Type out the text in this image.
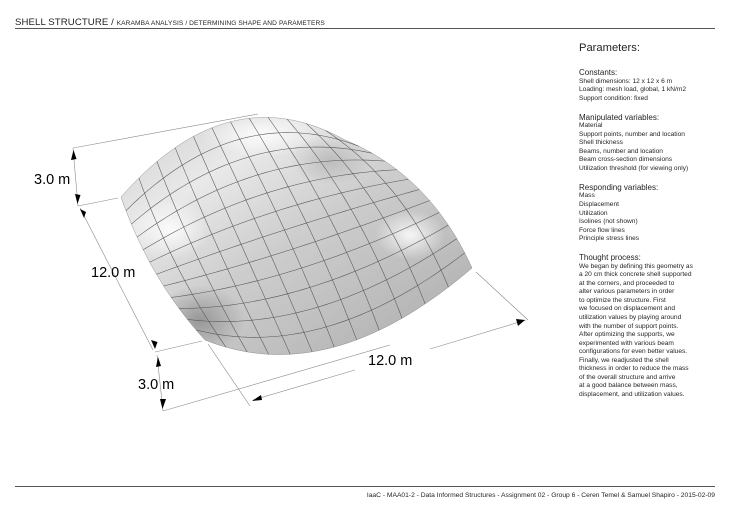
SHELL STRUCTURE / KARAMBA ANALYSIS / DETERMINING SHAPE AND PARAMETERS
3.0 m
12.0 m
3.0 m
12.0 m
Parameters:
Constants:
Shell dimensions: 12 x 12 x 6 m
Loading: mesh load, global, 1 kN/m2
Support condition: fixed
Manipulated variables:
Material
Support points, number and location
Shell thickness
Beams, number and location
Beam cross-section dimensions
Utilization threshold (for viewing only)
Responding variables:
Mass
Displacement
Utilization
Isolines (not shown)
Force flow lines
Principle stress lines
Thought process:
We began by defining this geometry as
a 20 cm thick concrete shell supported
at the corners, and proceeded to
alter various parameters in order
to optimize the structure. First
we focused on displacement and
utilization values by playing around
with the number of support points.
After optimizing the supports, we
experimented with various beam
configurations for even better values.
Finally, we readjusted the shell
thickness in order to reduce the mass
of the overall structure and arrive
at a good balance between mass,
displacement, and utilization values.
IaaC - MAA01-2 - Data Informed Structures - Assignment 02 - Group 6 - Ceren Temel & Samuel Shapiro - 2015-02-09
